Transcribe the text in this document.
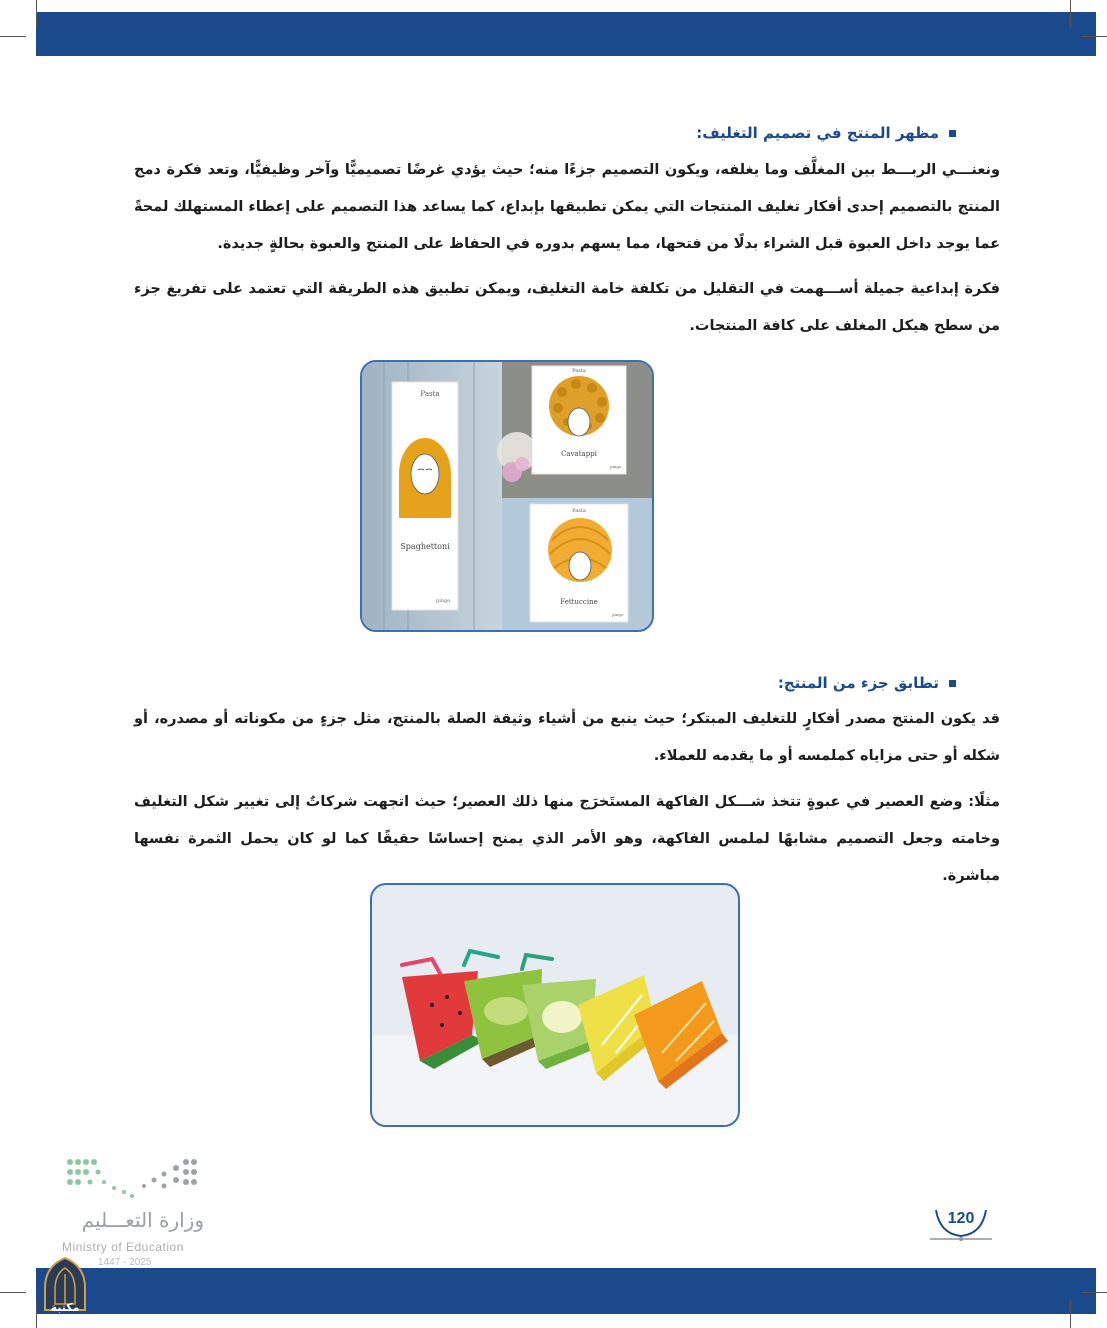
مظهر المنتج في تصميم التغليف:
ونعنـــي الربـــط بين المغلَّف وما يغلفه، ويكون التصميم جزءًا منه؛ حيث يؤدي غرضًا تصميميًّا وآخر وظيفيًّا، وتعد فكرة دمج المنتج بالتصميم إحدى أفكار تغليف المنتجات التي يمكن تطبيقها بإبداع، كما يساعد هذا التصميم على إعطاء المستهلك لمحةً عما يوجد داخل العبوة قبل الشراء بدلًا من فتحها، مما يسهم بدوره في الحفاظ على المنتج والعبوة بحالةٍ جديدة.
فكرة إبداعية جميلة أســـهمت في التقليل من تكلفة خامة التغليف، ويمكن تطبيق هذه الطريقة التي تعتمد على تفريغ جزء من سطح هيكل المغلف على كافة المنتجات.
Pasta
Spaghettoni
pingo
Pasta
Cavatappi
pingo
Pasta
Fettuccine
pingo
تطابق جزء من المنتج:
قد يكون المنتج مصدر أفكارٍ للتغليف المبتكر؛ حيث ينبع من أشياء وثيقة الصلة بالمنتج، مثل جزءٍ من مكوناته أو مصدره، أو شكله أو حتى مزاياه كملمسه أو ما يقدمه للعملاء.
مثلًا: وضع العصير في عبوةٍ تتخذ شـــكل الفاكهة المستَخرَج منها ذلك العصير؛ حيث اتجهت شركاتٌ إلى تغيير شكل التغليف وخامته وجعل التصميم مشابهًا لملمس الفاكهة، وهو الأمر الذي يمنح إحساسًا حقيقًا كما لو كان يحمل الثمرة نفسها مباشرة.
وزارة التعـــليم
Ministry of Education
1447 - 2025
120
مكتبة الإجابات
